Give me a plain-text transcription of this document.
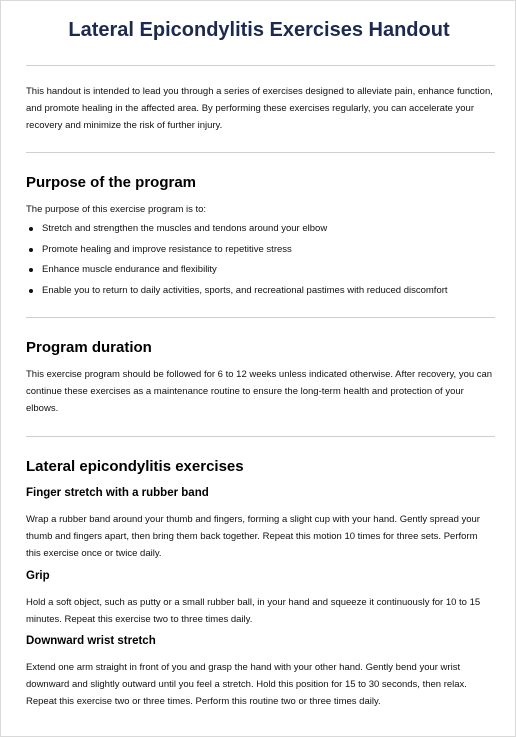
Lateral Epicondylitis Exercises Handout

This handout is intended to lead you through a series of exercises designed to alleviate pain, enhance function, and promote healing in the affected area. By performing these exercises regularly, you can accelerate your recovery and minimize the risk of further injury.

Purpose of the program

The purpose of this exercise program is to:

Stretch and strengthen the muscles and tendons around your elbow
Promote healing and improve resistance to repetitive stress
Enhance muscle endurance and flexibility
Enable you to return to daily activities, sports, and recreational pastimes with reduced discomfort
Program duration

This exercise program should be followed for 6 to 12 weeks unless indicated otherwise. After recovery, you can continue these exercises as a maintenance routine to ensure the long-term health and protection of your elbows.

Lateral epicondylitis exercises
Finger stretch with a rubber band

Wrap a rubber band around your thumb and fingers, forming a slight cup with your hand. Gently spread your thumb and fingers apart, then bring them back together. Repeat this motion 10 times for three sets. Perform this exercise once or twice daily.

Grip

Hold a soft object, such as putty or a small rubber ball, in your hand and squeeze it continuously for 10 to 15 minutes. Repeat this exercise two to three times daily.

Downward wrist stretch

Extend one arm straight in front of you and grasp the hand with your other hand. Gently bend your wrist downward and slightly outward until you feel a stretch. Hold this position for 15 to 30 seconds, then relax. Repeat this exercise two or three times. Perform this routine two or three times daily.
